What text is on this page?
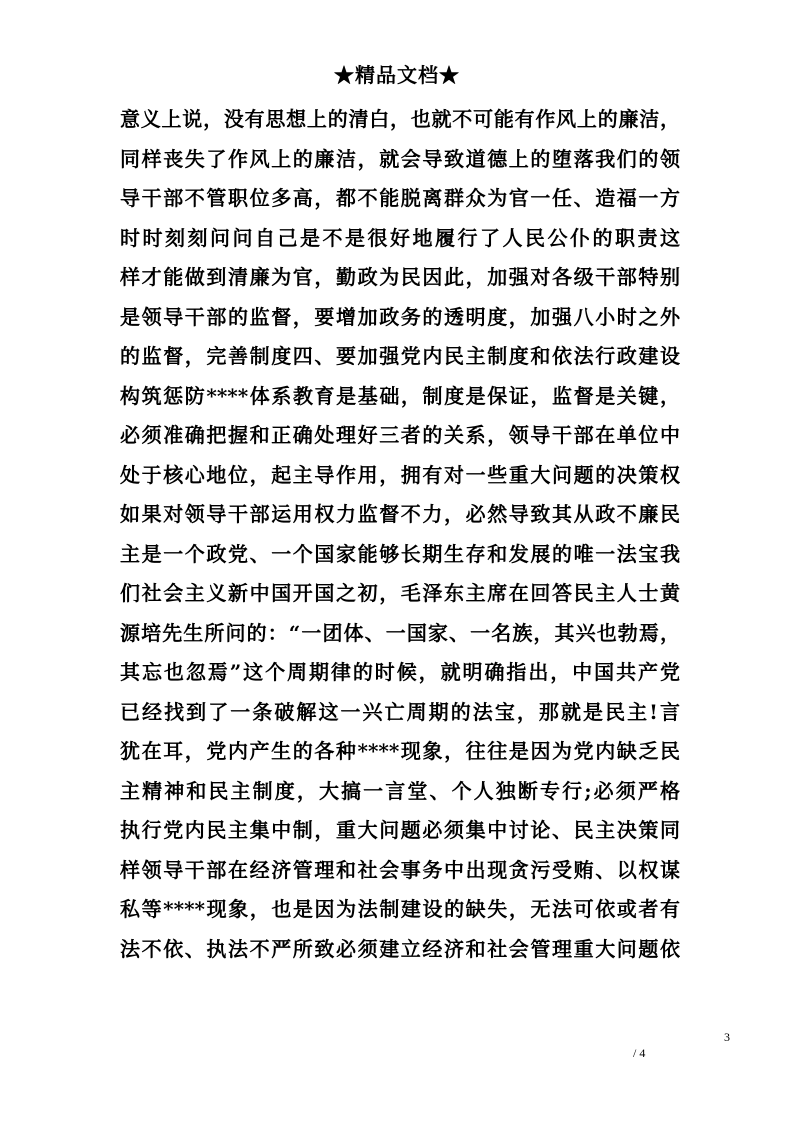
★精品文档★
意义上说，没有思想上的清白，也就不可能有作风上的廉洁，
同样丧失了作风上的廉洁，就会导致道德上的堕落我们的领
导干部不管职位多高，都不能脱离群众为官一任、造福一方
时时刻刻问问自己是不是很好地履行了人民公仆的职责这
样才能做到清廉为官，勤政为民因此，加强对各级干部特别
是领导干部的监督，要增加政务的透明度，加强八小时之外
的监督，完善制度四、要加强党内民主制度和依法行政建设
构筑惩防****体系教育是基础，制度是保证，监督是关键，
必须准确把握和正确处理好三者的关系，领导干部在单位中
处于核心地位，起主导作用，拥有对一些重大问题的决策权
如果对领导干部运用权力监督不力，必然导致其从政不廉民
主是一个政党、一个国家能够长期生存和发展的唯一法宝我
们社会主义新中国开国之初，毛泽东主席在回答民主人士黄
源培先生所问的：“一团体、一国家、一名族，其兴也勃焉，
其忘也忽焉”这个周期律的时候，就明确指出，中国共产党
已经找到了一条破解这一兴亡周期的法宝，那就是民主!言
犹在耳，党内产生的各种****现象，往往是因为党内缺乏民
主精神和民主制度，大搞一言堂、个人独断专行;必须严格
执行党内民主集中制，重大问题必须集中讨论、民主决策同
样领导干部在经济管理和社会事务中出现贪污受贿、以权谋
私等****现象，也是因为法制建设的缺失，无法可依或者有
法不依、执法不严所致必须建立经济和社会管理重大问题依
3
/ 4
